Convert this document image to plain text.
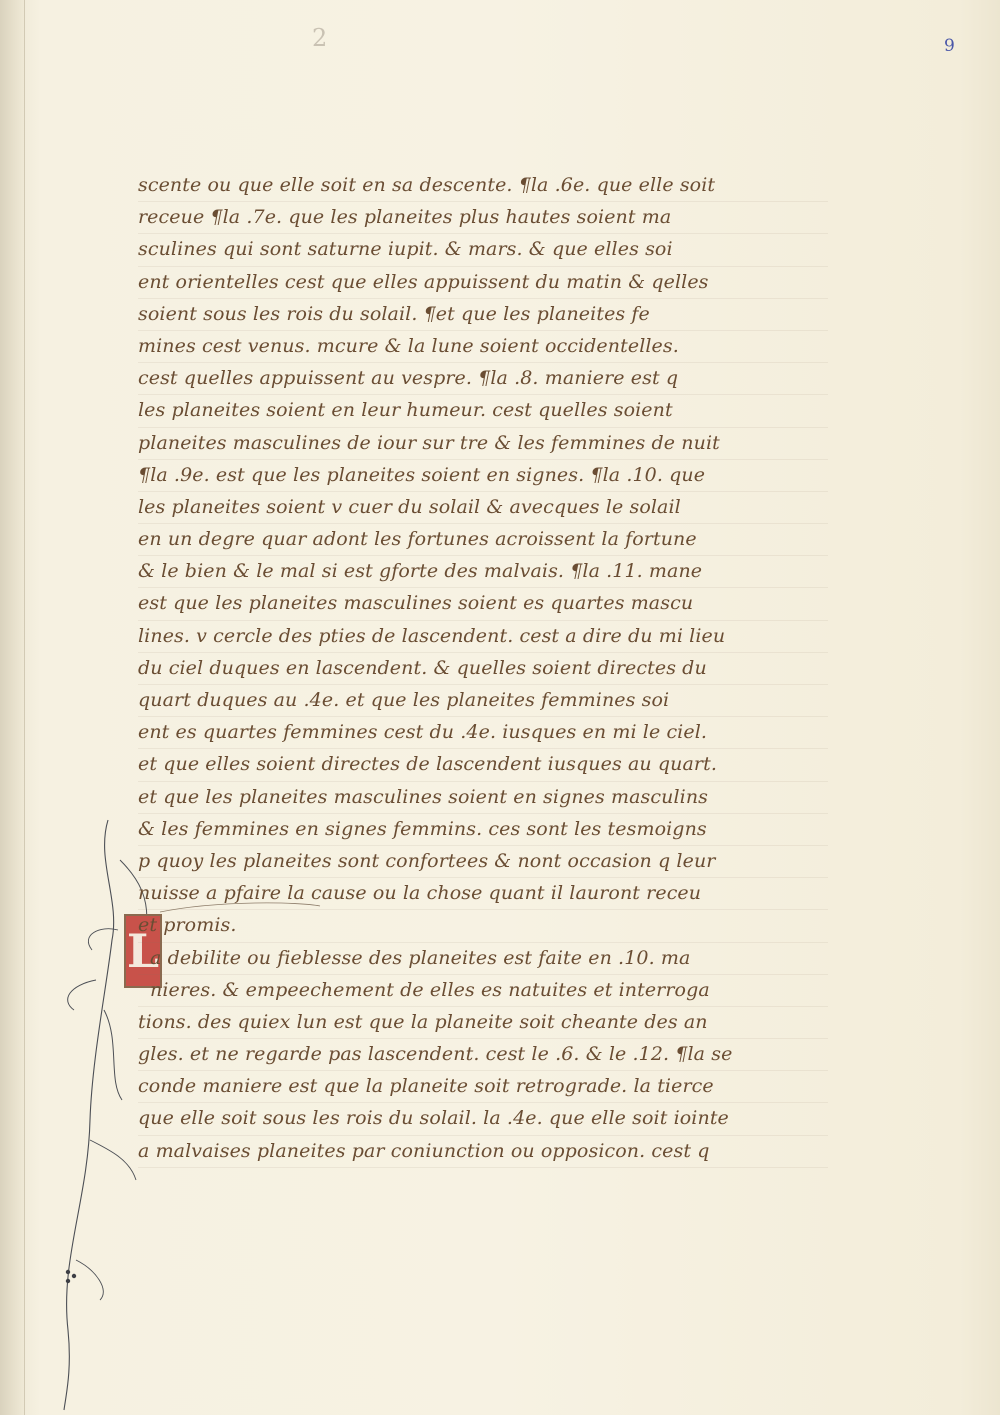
2	9
L
scente ou que elle soit en sa descente. ¶la .6e. que elle soit
receue ¶la .7e. que les planeites plus hautes soient ma
sculines qui sont saturne iupit. & mars. & que elles soi
ent orientelles cest que elles appuissent du matin & qelles
soient sous les rois du solail. ¶et que les planeites fe
mines cest venus. mcure & la lune soient occidentelles.
cest quelles appuissent au vespre. ¶la .8. maniere est q
les planeites soient en leur humeur. cest quelles soient
planeites masculines de iour sur tre & les femmines de nuit
¶la .9e. est que les planeites soient en signes. ¶la .10. que
les planeites soient v cuer du solail & avecques le solail
en un degre quar adont les fortunes acroissent la fortune
& le bien & le mal si est gforte des malvais. ¶la .11. mane
est que les planeites masculines soient es quartes mascu
lines. v cercle des pties de lascendent. cest a dire du mi lieu
du ciel duques en lascendent. & quelles soient directes du
quart duques au .4e. et que les planeites femmines soi
ent es quartes femmines cest du .4e. iusques en mi le ciel.
et que elles soient directes de lascendent iusques au quart.
et que les planeites masculines soient en signes masculins
& les femmines en signes femmins. ces sont les tesmoigns
p quoy les planeites sont confortees & nont occasion q leur
nuisse a pfaire la cause ou la chose quant il lauront receu
et promis.
a debilite ou fieblesse des planeites est faite en .10. ma
nieres. & empeechement de elles es natuites et interroga
tions. des quiex lun est que la planeite soit cheante des an
gles. et ne regarde pas lascendent. cest le .6. & le .12. ¶la se
conde maniere est que la planeite soit retrograde. la tierce
que elle soit sous les rois du solail. la .4e. que elle soit iointe
a malvaises planeites par coniunction ou opposicon. cest q
